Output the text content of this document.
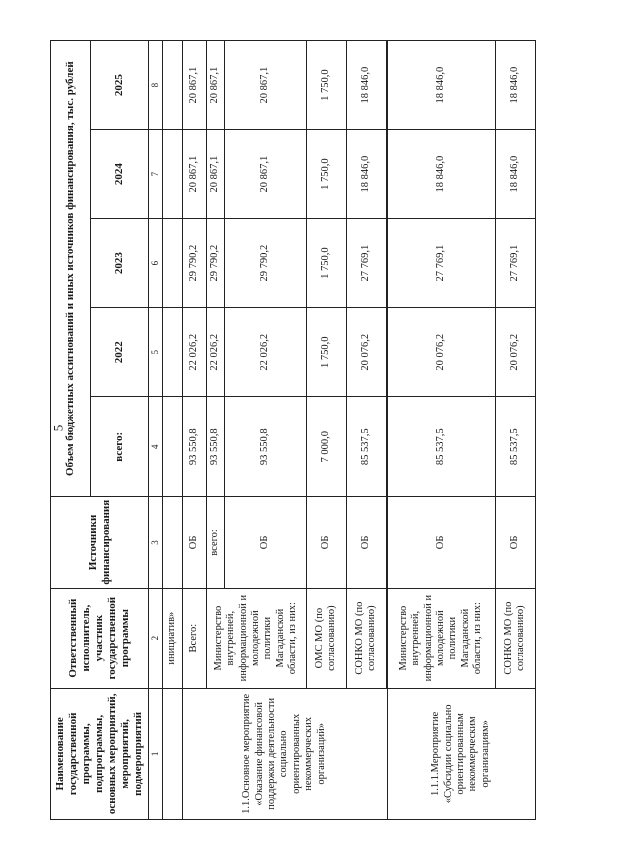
5
Наименование государственной программы, подпрограммы, основных мероприятий, мероприятий, подмероприятий	Ответственный исполнитель, участник государственной программы	Источники финансирования	Объем бюджетных ассигнований и иных источников финансирования, тыс. рублей				
			всего:	2022	2023	2024	2025
1	2	3	4	5	6	7	8
	инициатив»						
1.1.Основное мероприятие «Оказание финансовой поддержки деятельности социально ориентированных некоммерческих организаций»	Всего:	ОБ	93 550,8	22 026,2	29 790,2	20 867,1	20 867,1
	Министерство внутренней, информационной и молодежной политики Магаданской области, из них:	всего:	93 550,8	22 026,2	29 790,2	20 867,1	20 867,1
		ОБ	93 550,8	22 026,2	29 790,2	20 867,1	20 867,1
	ОМС МО (по согласованию)	ОБ	7 000,0	1 750,0	1 750,0	1 750,0	1 750,0
	СОНКО МО (по согласованию)	ОБ	85 537,5	20 076,2	27 769,1	18 846,0	18 846,0

1.1.1.Мероприятие «Субсидии социально ориентированным некоммерческим организациям»	Министерство внутренней, информационной и молодежной политики Магаданской области, из них:	ОБ	85 537,5	20 076,2	27 769,1	18 846,0	18 846,0
	СОНКО МО (по согласованию)	ОБ	85 537,5	20 076,2	27 769,1	18 846,0	18 846,0
